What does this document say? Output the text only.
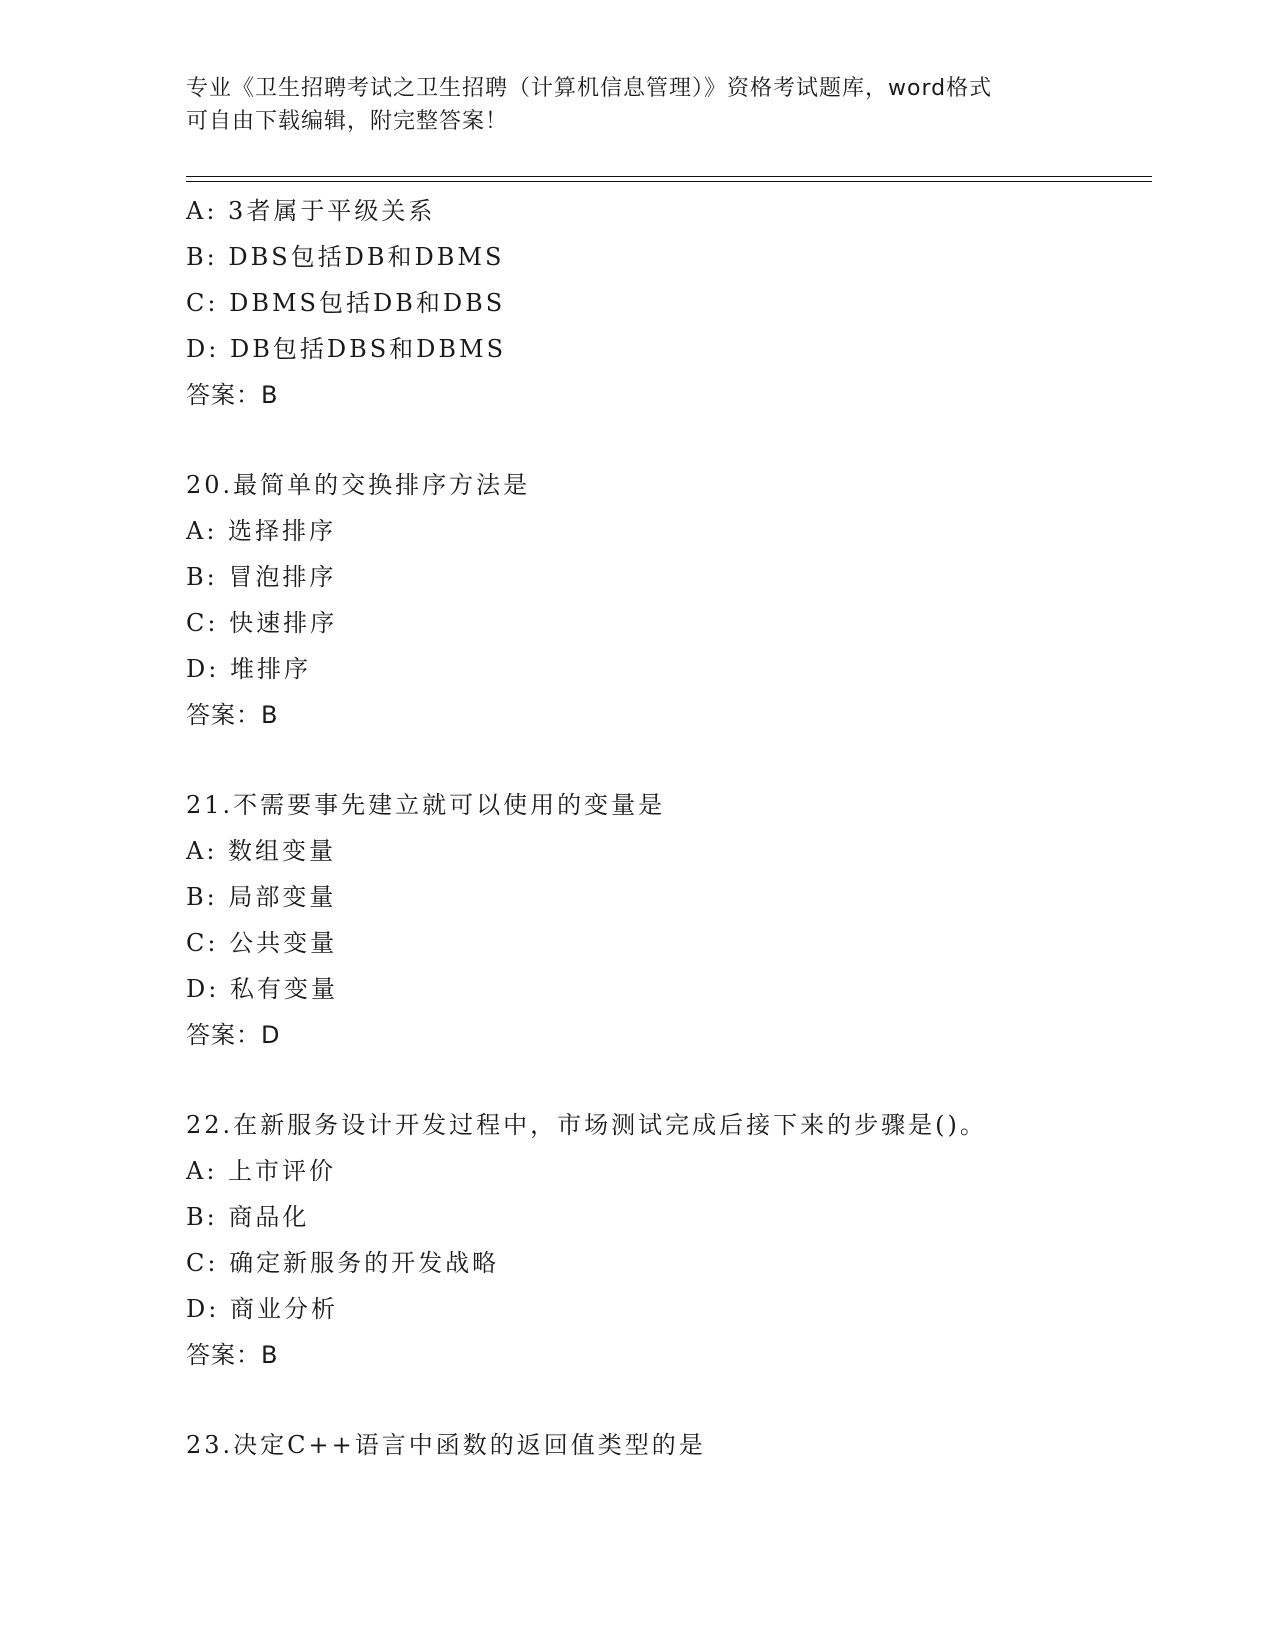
专业《卫生招聘考试之卫生招聘（计算机信息管理）》资格考试题库，word格式
可自由下载编辑，附完整答案！
A: 3者属于平级关系
B: DBS包括DB和DBMS
C: DBMS包括DB和DBS
D: DB包括DBS和DBMS
答案：B
20.最简单的交换排序方法是
A: 选择排序
B: 冒泡排序
C: 快速排序
D: 堆排序
答案：B
21.不需要事先建立就可以使用的变量是
A: 数组变量
B: 局部变量
C: 公共变量
D: 私有变量
答案：D
22.在新服务设计开发过程中，市场测试完成后接下来的步骤是()。
A: 上市评价
B: 商品化
C: 确定新服务的开发战略
D: 商业分析
答案：B
23.决定C++语言中函数的返回值类型的是
